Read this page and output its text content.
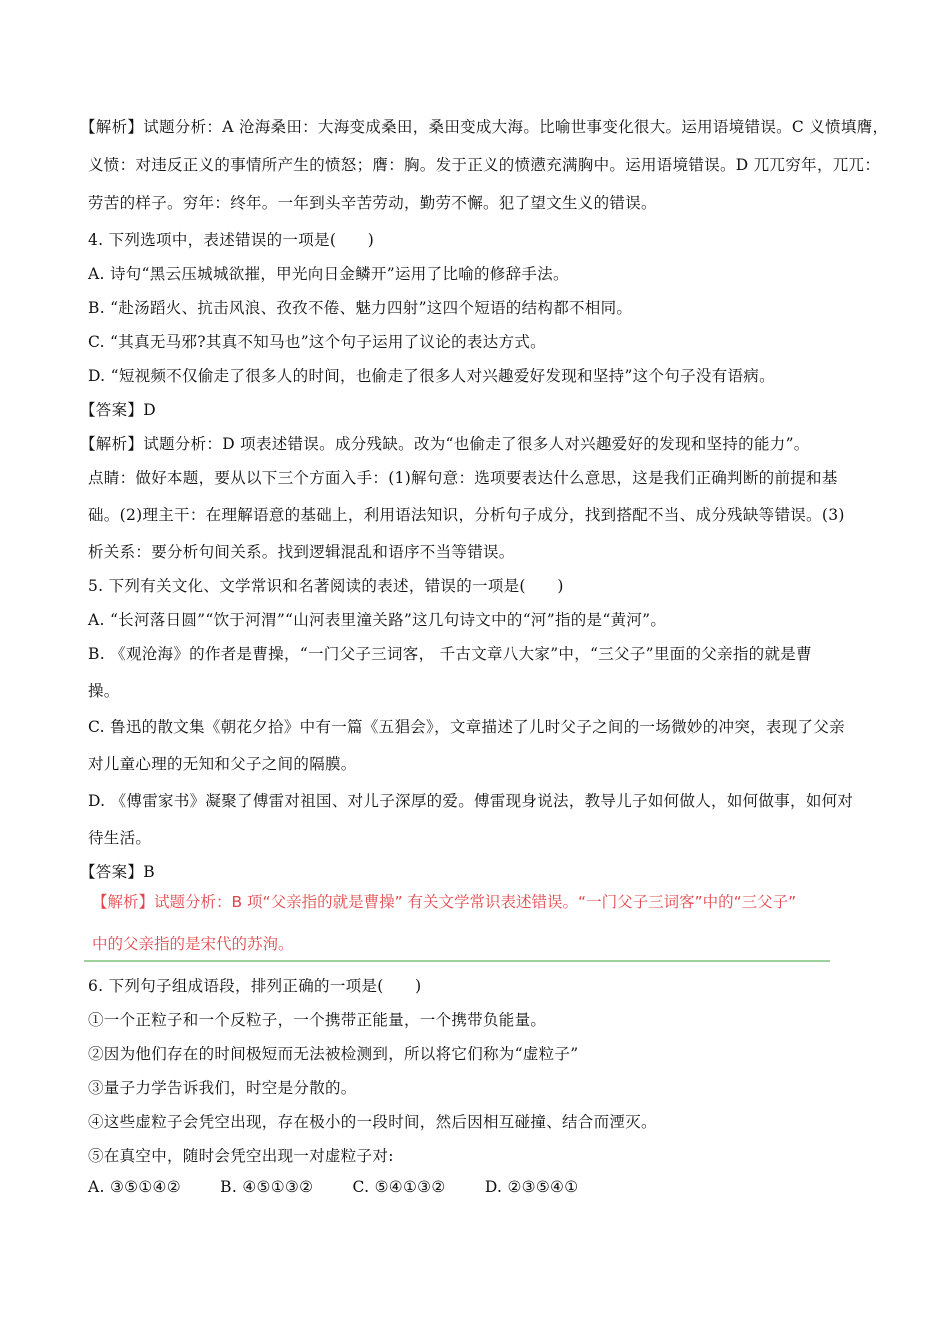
【解析】试题分析：A 沧海桑田：大海变成桑田，桑田变成大海。比喻世事变化很大。运用语境错误。C 义愤填膺，
义愤：对违反正义的事情所产生的愤怒；膺：胸。发于正义的愤懑充满胸中。运用语境错误。D 兀兀穷年，兀兀：
劳苦的样子。穷年：终年。一年到头辛苦劳动，勤劳不懈。犯了望文生义的错误。
4. 下列选项中，表述错误的一项是(　　)
A. 诗句“黑云压城城欲摧，甲光向日金鳞开”运用了比喻的修辞手法。
B. “赴汤蹈火、抗击风浪、孜孜不倦、魅力四射”这四个短语的结构都不相同。
C. “其真无马邪?其真不知马也”这个句子运用了议论的表达方式。
D. “短视频不仅偷走了很多人的时间，也偷走了很多人对兴趣爱好发现和坚持”这个句子没有语病。
【答案】D
【解析】试题分析：D 项表述错误。成分残缺。改为“也偷走了很多人对兴趣爱好的发现和坚持的能力”。
点睛：做好本题，要从以下三个方面入手：(1)解句意：选项要表达什么意思，这是我们正确判断的前提和基
础。(2)理主干：在理解语意的基础上，利用语法知识，分析句子成分，找到搭配不当、成分残缺等错误。(3)
析关系：要分析句间关系。找到逻辑混乱和语序不当等错误。
5. 下列有关文化、文学常识和名著阅读的表述，错误的一项是(　　)
A. “长河落日圆”“饮于河渭”“山河表里潼关路”这几句诗文中的“河”指的是“黄河”。
B. 《观沧海》的作者是曹操，“一门父子三词客， 千古文章八大家”中，“三父子”里面的父亲指的就是曹
操。
C. 鲁迅的散文集《朝花夕拾》中有一篇《五猖会》，文章描述了儿时父子之间的一场微妙的冲突，表现了父亲
对儿童心理的无知和父子之间的隔膜。
D. 《傅雷家书》凝聚了傅雷对祖国、对儿子深厚的爱。傅雷现身说法，教导儿子如何做人，如何做事，如何对
待生活。
【答案】B
【解析】试题分析：B 项“父亲指的就是曹操” 有关文学常识表述错误。“一门父子三词客”中的“三父子”
中的父亲指的是宋代的苏洵。
6. 下列句子组成语段，排列正确的一项是(　　)
①一个正粒子和一个反粒子，一个携带正能量，一个携带负能量。
②因为他们存在的时间极短而无法被检测到，所以将它们称为“虚粒子”
③量子力学告诉我们，时空是分散的。
④这些虚粒子会凭空出现，存在极小的一段时间，然后因相互碰撞、结合而湮灭。
⑤在真空中，随时会凭空出现一对虚粒子对:
A. ③⑤①④②	B. ④⑤①③②	C. ⑤④①③②	D. ②③⑤④①
